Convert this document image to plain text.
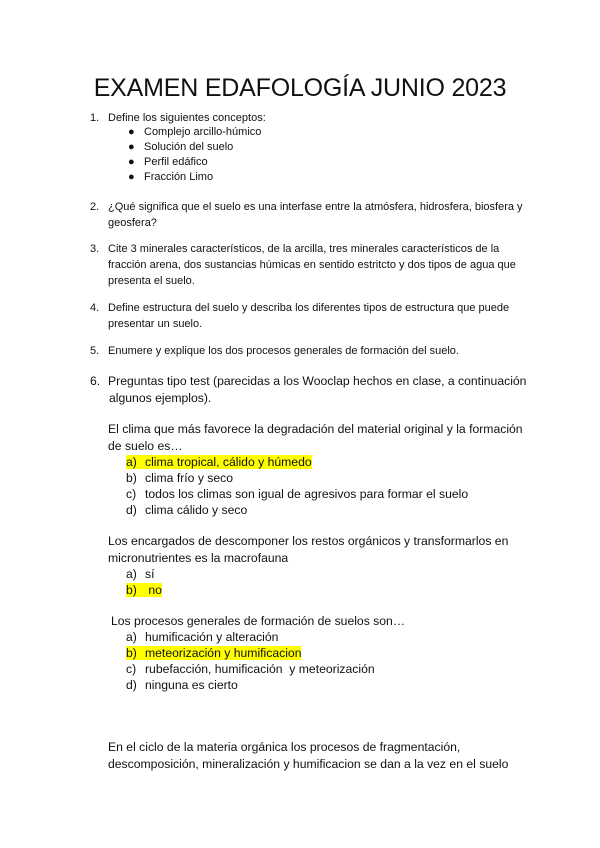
EXAMEN EDAFOLOGÍA JUNIO 2023
1. Define los siguientes conceptos:
● Complejo arcillo-húmico
● Solución del suelo
● Perfil edáfico
● Fracción Limo
2. ¿Qué significa que el suelo es una interfase entre la atmósfera, hidrosfera, biosfera y
geosfera?
3. Cite 3 minerales característicos, de la arcilla, tres minerales característicos de la
fracción arena, dos sustancias húmicas en sentido estritcto y dos tipos de agua que
presenta el suelo.
4. Define estructura del suelo y describa los diferentes tipos de estructura que puede
presentar un suelo.
5. Enumere y explique los dos procesos generales de formación del suelo.
6. Preguntas tipo test (parecidas a los Wooclap hechos en clase, a continuación
algunos ejemplos).
El clima que más favorece la degradación del material original y la formación
de suelo es…
a) clima tropical, cálido y húmedo
b) clima frío y seco
c) todos los climas son igual de agresivos para formar el suelo
d) clima cálido y seco
Los encargados de descomponer los restos orgánicos y transformarlos en
micronutrientes es la macrofauna
a) sí
b) no
Los procesos generales de formación de suelos son…
a) humificación y alteración
b) meteorización y humificacion
c) rubefacción, humificación  y meteorización
d) ninguna es cierto
En el ciclo de la materia orgánica los procesos de fragmentación,
descomposición, mineralización y humificacion se dan a la vez en el suelo
